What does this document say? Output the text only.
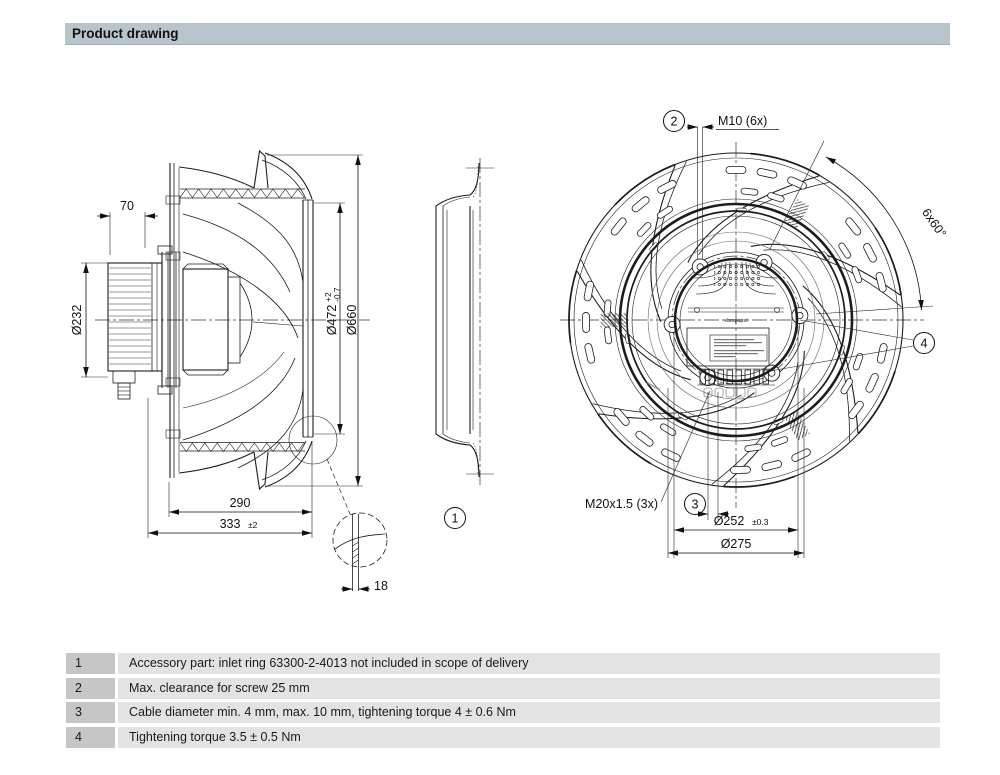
Product drawing
70
Ø232	Ø472
+2 -0.7
Ø660
290
333 ±2
18
1
ebmpapst
2	M10 (6x)
6x60°
4
M20x1.5 (3x)	3
Ø252 ±0.3
Ø275
1	Accessory part: inlet ring 63300-2-4013 not included in scope of delivery
2	Max. clearance for screw 25 mm
3	Cable diameter min. 4 mm, max. 10 mm, tightening torque 4 ± 0.6 Nm
4	Tightening torque 3.5 ± 0.5 Nm
